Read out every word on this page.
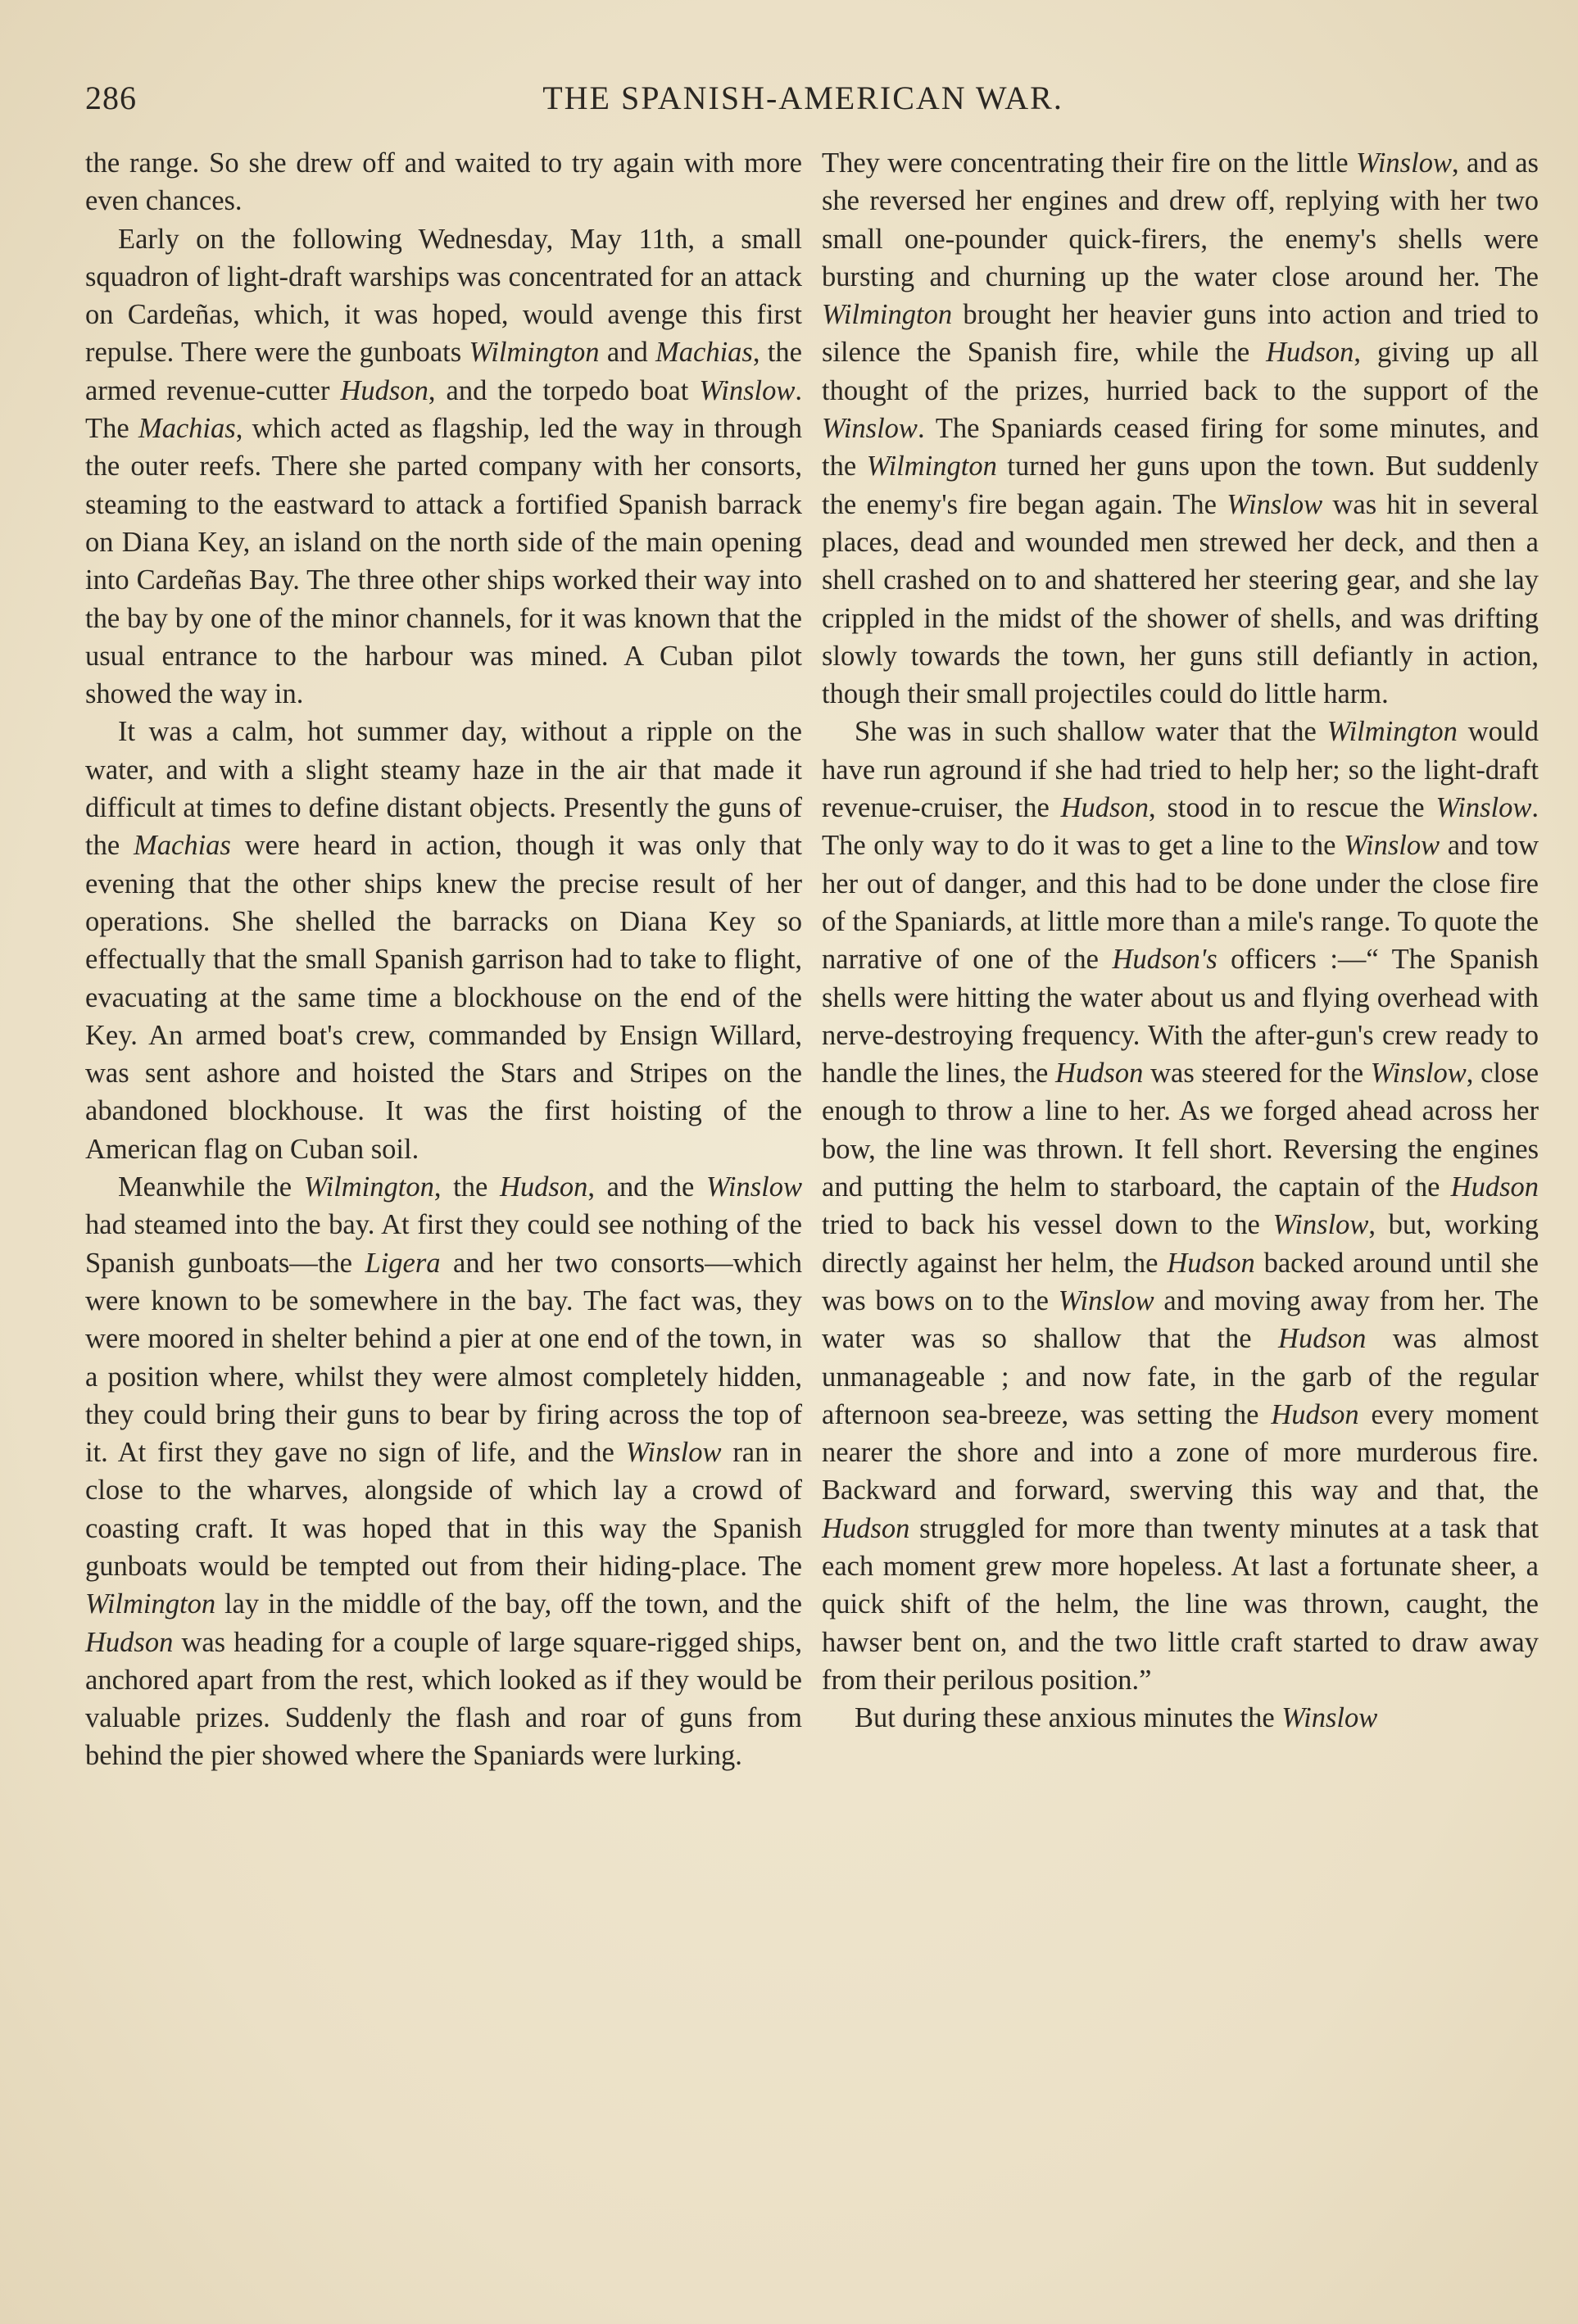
286	THE SPANISH-AMERICAN WAR.

the range. So she drew off and waited to try again with more even chances.

Early on the following Wednesday, May 11th, a small squadron of light-draft warships was concentrated for an attack on Cardeñas, which, it was hoped, would avenge this first repulse. There were the gunboats Wilmington and Machias, the armed revenue-cutter Hudson, and the torpedo boat Winslow. The Machias, which acted as flagship, led the way in through the outer reefs. There she parted company with her consorts, steaming to the eastward to attack a fortified Spanish barrack on Diana Key, an island on the north side of the main opening into Cardeñas Bay. The three other ships worked their way into the bay by one of the minor channels, for it was known that the usual entrance to the harbour was mined. A Cuban pilot showed the way in.

It was a calm, hot summer day, without a ripple on the water, and with a slight steamy haze in the air that made it difficult at times to define distant objects. Presently the guns of the Machias were heard in action, though it was only that evening that the other ships knew the precise result of her operations. She shelled the barracks on Diana Key so effectually that the small Spanish garrison had to take to flight, evacuating at the same time a blockhouse on the end of the Key. An armed boat's crew, commanded by Ensign Willard, was sent ashore and hoisted the Stars and Stripes on the abandoned blockhouse. It was the first hoisting of the American flag on Cuban soil.

Meanwhile the Wilmington, the Hudson, and the Winslow had steamed into the bay. At first they could see nothing of the Spanish gunboats—the Ligera and her two consorts—which were known to be somewhere in the bay. The fact was, they were moored in shelter behind a pier at one end of the town, in a position where, whilst they were almost completely hidden, they could bring their guns to bear by firing across the top of it. At first they gave no sign of life, and the Winslow ran in close to the wharves, alongside of which lay a crowd of coasting craft. It was hoped that in this way the Spanish gunboats would be tempted out from their hiding-place. The Wilmington lay in the middle of the bay, off the town, and the Hudson was heading for a couple of large square-rigged ships, anchored apart from the rest, which looked as if they would be valuable prizes. Suddenly the flash and roar of guns from behind the pier showed where the Spaniards were lurking.

They were concentrating their fire on the little Winslow, and as she reversed her engines and drew off, replying with her two small one-pounder quick-firers, the enemy's shells were bursting and churning up the water close around her. The Wilmington brought her heavier guns into action and tried to silence the Spanish fire, while the Hudson, giving up all thought of the prizes, hurried back to the support of the Winslow. The Spaniards ceased firing for some minutes, and the Wilmington turned her guns upon the town. But suddenly the enemy's fire began again. The Winslow was hit in several places, dead and wounded men strewed her deck, and then a shell crashed on to and shattered her steering gear, and she lay crippled in the midst of the shower of shells, and was drifting slowly towards the town, her guns still defiantly in action, though their small projectiles could do little harm.

She was in such shallow water that the Wilmington would have run aground if she had tried to help her; so the light-draft revenue-cruiser, the Hudson, stood in to rescue the Winslow. The only way to do it was to get a line to the Winslow and tow her out of danger, and this had to be done under the close fire of the Spaniards, at little more than a mile's range. To quote the narrative of one of the Hudson's officers :—“ The Spanish shells were hitting the water about us and flying overhead with nerve-destroying frequency. With the after-gun's crew ready to handle the lines, the Hudson was steered for the Winslow, close enough to throw a line to her. As we forged ahead across her bow, the line was thrown. It fell short. Reversing the engines and putting the helm to starboard, the captain of the Hudson tried to back his vessel down to the Winslow, but, working directly against her helm, the Hudson backed around until she was bows on to the Winslow and moving away from her. The water was so shallow that the Hudson was almost unmanageable ; and now fate, in the garb of the regular afternoon sea-breeze, was setting the Hudson every moment nearer the shore and into a zone of more murderous fire. Backward and forward, swerving this way and that, the Hudson struggled for more than twenty minutes at a task that each moment grew more hopeless. At last a fortunate sheer, a quick shift of the helm, the line was thrown, caught, the hawser bent on, and the two little craft started to draw away from their perilous position.”

But during these anxious minutes the Winslow
